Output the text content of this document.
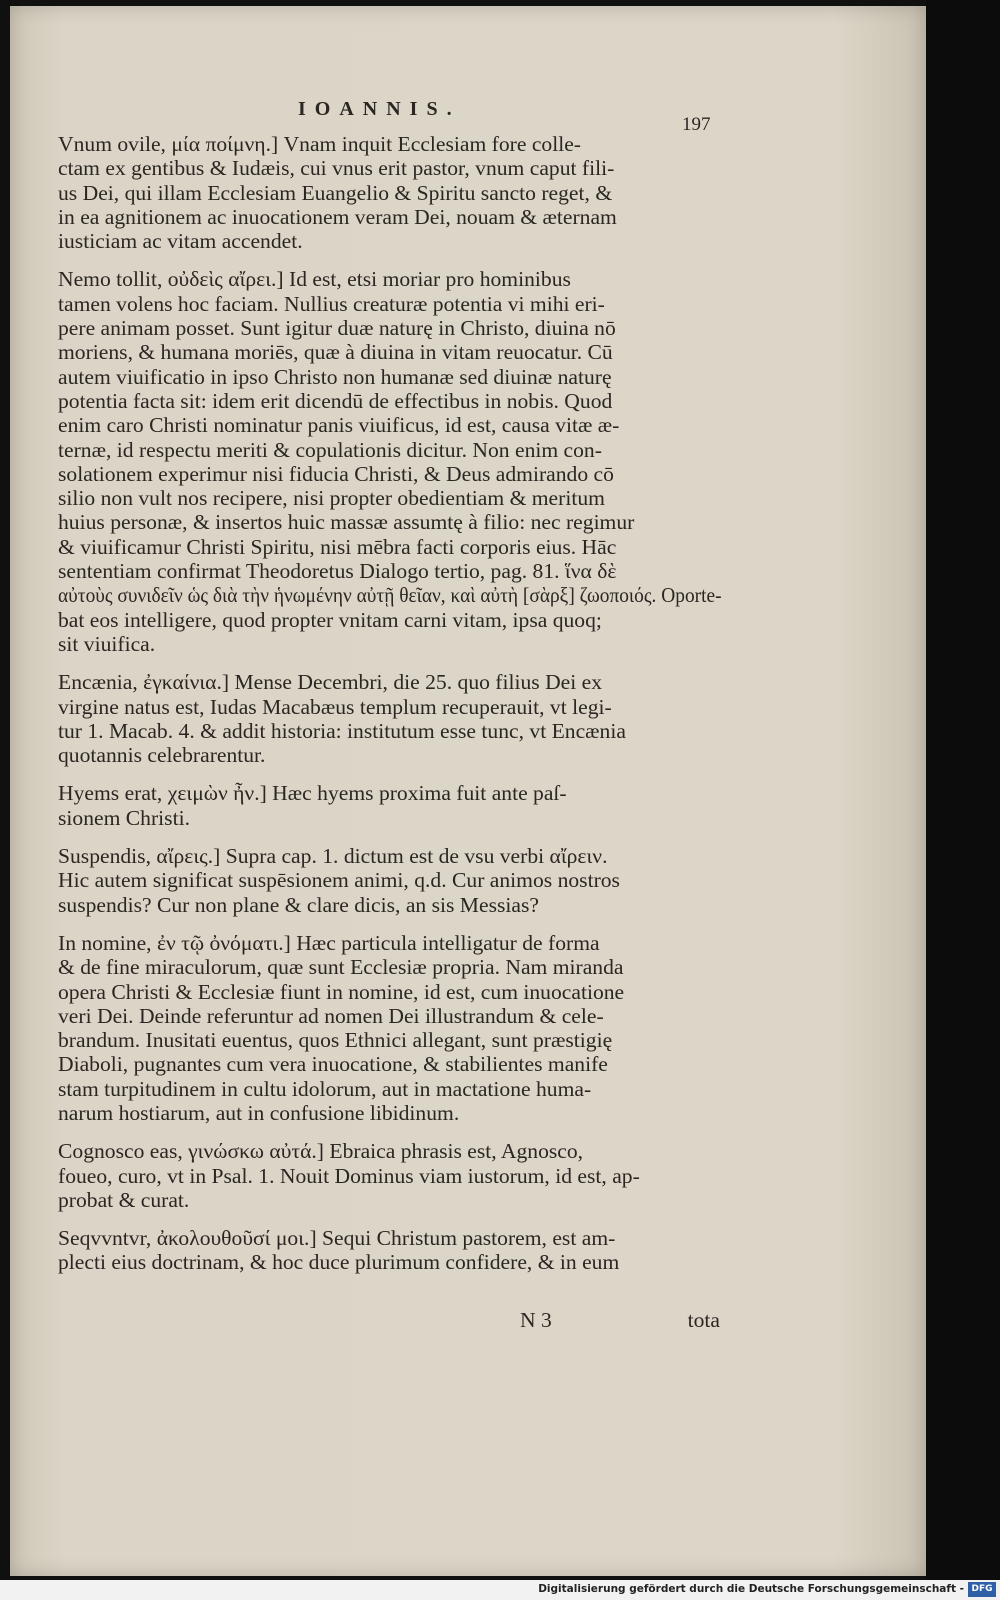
IOANNIS.
197
Vnum ovile, μία ποίμνη.] Vnam inquit Ecclesiam fore colle-
ctam ex gentibus & Iudæis, cui vnus erit pastor, vnum caput fili-
us Dei, qui illam Ecclesiam Euangelio & Spiritu sancto reget, &
in ea agnitionem ac inuocationem veram Dei, nouam & æternam
iusticiam ac vitam accendet.
Nemo tollit, οὐδεὶς αἴρει.] Id est, etsi moriar pro hominibus
tamen volens hoc faciam. Nullius creaturæ potentia vi mihi eri-
pere animam posset. Sunt igitur duæ naturę in Christo, diuina nō
moriens, & humana moriēs, quæ à diuina in vitam reuocatur. Cū
autem viuificatio in ipso Christo non humanæ sed diuinæ naturę
potentia facta sit: idem erit dicendū de effectibus in nobis. Quod
enim caro Christi nominatur panis viuificus, id est, causa vitæ æ-
ternæ, id respectu meriti & copulationis dicitur. Non enim con-
solationem experimur nisi fiducia Christi, & Deus admirando cō
silio non vult nos recipere, nisi propter obedientiam & meritum
huius personæ, & insertos huic massæ assumtę à filio: nec regimur
& viuificamur Christi Spiritu, nisi mēbra facti corporis eius. Hāc
sententiam confirmat Theodoretus Dialogo tertio, pag. 81. ἵνα δὲ
αὐτοὺς συνιδεῖν ὡς διὰ τὴν ἡνωμένην αὐτῇ θεῖαν, καὶ αὐτὴ [σὰρξ] ζωοποιός. Oporte-
bat eos intelligere, quod propter vnitam carni vitam, ipsa quoq;
sit viuifica.
Encænia, ἐγκαίνια.] Mense Decembri, die 25. quo filius Dei ex
virgine natus est, Iudas Macabæus templum recuperauit, vt legi-
tur 1. Macab. 4. & addit historia: institutum esse tunc, vt Encænia
quotannis celebrarentur.
Hyems erat, χειμὼν ἦν.] Hæc hyems proxima fuit ante paſ-
sionem Christi.
Suspendis, αἴρεις.] Supra cap. 1. dictum est de vsu verbi αἴρειν.
Hic autem significat suspēsionem animi, q.d. Cur animos nostros
suspendis? Cur non plane & clare dicis, an sis Messias?
In nomine, ἐν τῷ ὀνόματι.] Hæc particula intelligatur de forma
& de fine miraculorum, quæ sunt Ecclesiæ propria. Nam miranda
opera Christi & Ecclesiæ fiunt in nomine, id est, cum inuocatione
veri Dei. Deinde referuntur ad nomen Dei illustrandum & cele-
brandum. Inusitati euentus, quos Ethnici allegant, sunt præstigię
Diaboli, pugnantes cum vera inuocatione, & stabilientes manife
stam turpitudinem in cultu idolorum, aut in mactatione huma-
narum hostiarum, aut in confusione libidinum.
Cognosco eas, γινώσκω αὐτά.] Ebraica phrasis est, Agnosco,
foueo, curo, vt in Psal. 1. Nouit Dominus viam iustorum, id est, ap-
probat & curat.
Seqvvntvr, ἀκολουθοῦσί μοι.] Sequi Christum pastorem, est am-
plecti eius doctrinam, & hoc duce plurimum confidere, & in eum
N 3	tota
Digitalisierung gefördert durch die Deutsche Forschungsgemeinschaft - DFG
